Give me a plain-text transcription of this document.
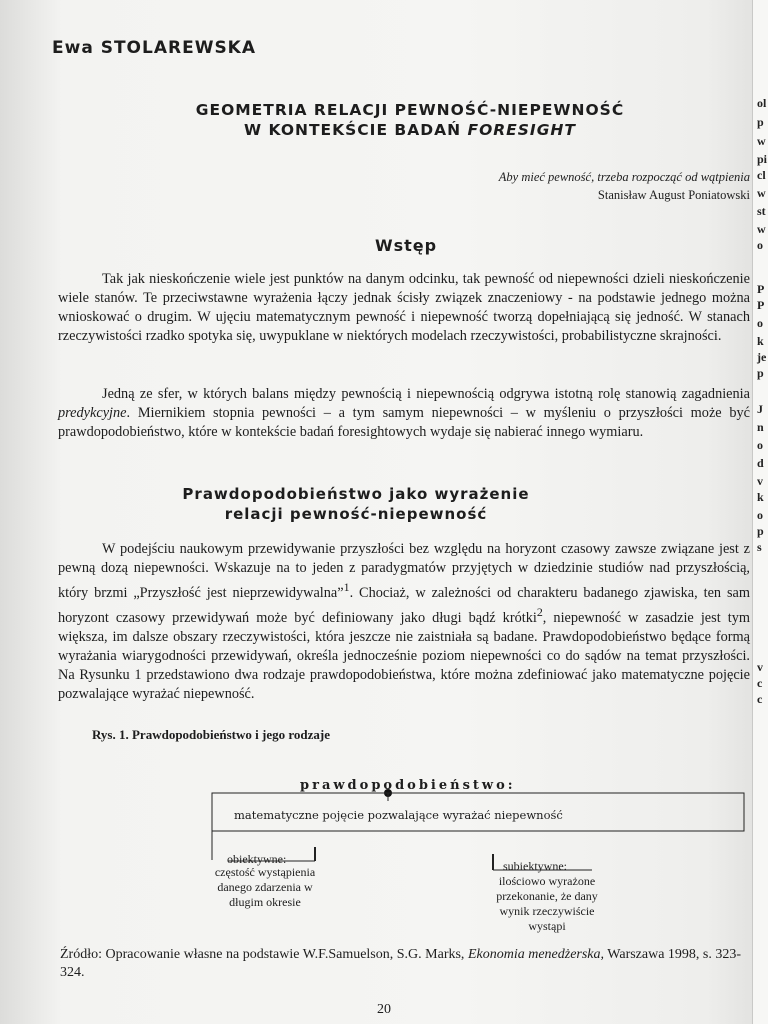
ol
p
w
pi
cl
w
st
w
o
P
P
o
k
je
p
J
n
o
d
v
k
o
p
s
v
c
c
Ewa STOLAREWSKA
GEOMETRIA RELACJI PEWNOŚĆ-NIEPEWNOŚĆ
W KONTEKŚCIE BADAŃ FORESIGHT
Aby mieć pewność, trzeba rozpocząć od wątpienia
Stanisław August Poniatowski
Wstęp

Tak jak nieskończenie wiele jest punktów na danym odcinku, tak pewność od niepewności dzieli nieskończenie wiele stanów. Te przeciwstawne wyrażenia łączy jednak ścisły związek znaczeniowy - na podstawie jednego można wnioskować o drugim. W ujęciu matematycznym pewność i niepewność tworzą dopełniającą się jedność. W stanach rzeczywistości rzadko spotyka się, uwypuklane w niektórych modelach rzeczywistości, probabilistyczne skrajności.

Jedną ze sfer, w których balans między pewnością i niepewnością odgrywa istotną rolę stanowią zagadnienia predykcyjne. Miernikiem stopnia pewności – a tym samym niepewności – w myśleniu o przyszłości może być prawdopodobieństwo, które w kontekście badań foresightowych wydaje się nabierać innego wymiaru.

Prawdopodobieństwo jako wyrażenie
relacji pewność-niepewność

W podejściu naukowym przewidywanie przyszłości bez względu na horyzont czasowy zawsze związane jest z pewną dozą niepewności. Wskazuje na to jeden z paradygmatów przyjętych w dziedzinie studiów nad przyszłością, który brzmi „Przyszłość jest nieprzewidywalna”$^1$. Chociaż, w zależności od charakteru badanego zjawiska, ten sam horyzont czasowy przewidywań może być definiowany jako długi bądź krótki$^2$, niepewność w zasadzie jest tym większa, im dalsze obszary rzeczywistości, która jeszcze nie zaistniała są badane. Prawdopodobieństwo będące formą wyrażania wiarygodności przewidywań, określa jednocześnie poziom niepewności co do sądów na temat przyszłości. Na Rysunku 1 przedstawiono dwa rodzaje prawdopodobieństwa, które można zdefiniować jako matematyczne pojęcie pozwalające wyrażać niepewność.

Rys. 1. Prawdopodobieństwo i jego rodzaje
prawdopodobieństwo:
matematyczne pojęcie pozwalające wyrażać niepewność
obiektywne:
częstość wystąpienia
danego zdarzenia w
długim okresie
subiektywne:
ilościowo wyrażone
przekonanie, że dany
wynik rzeczywiście
wystąpi
Źródło: Opracowanie własne na podstawie W.F.Samuelson, S.G. Marks, Ekonomia menedżerska, Warszawa 1998, s. 323-324.
20
